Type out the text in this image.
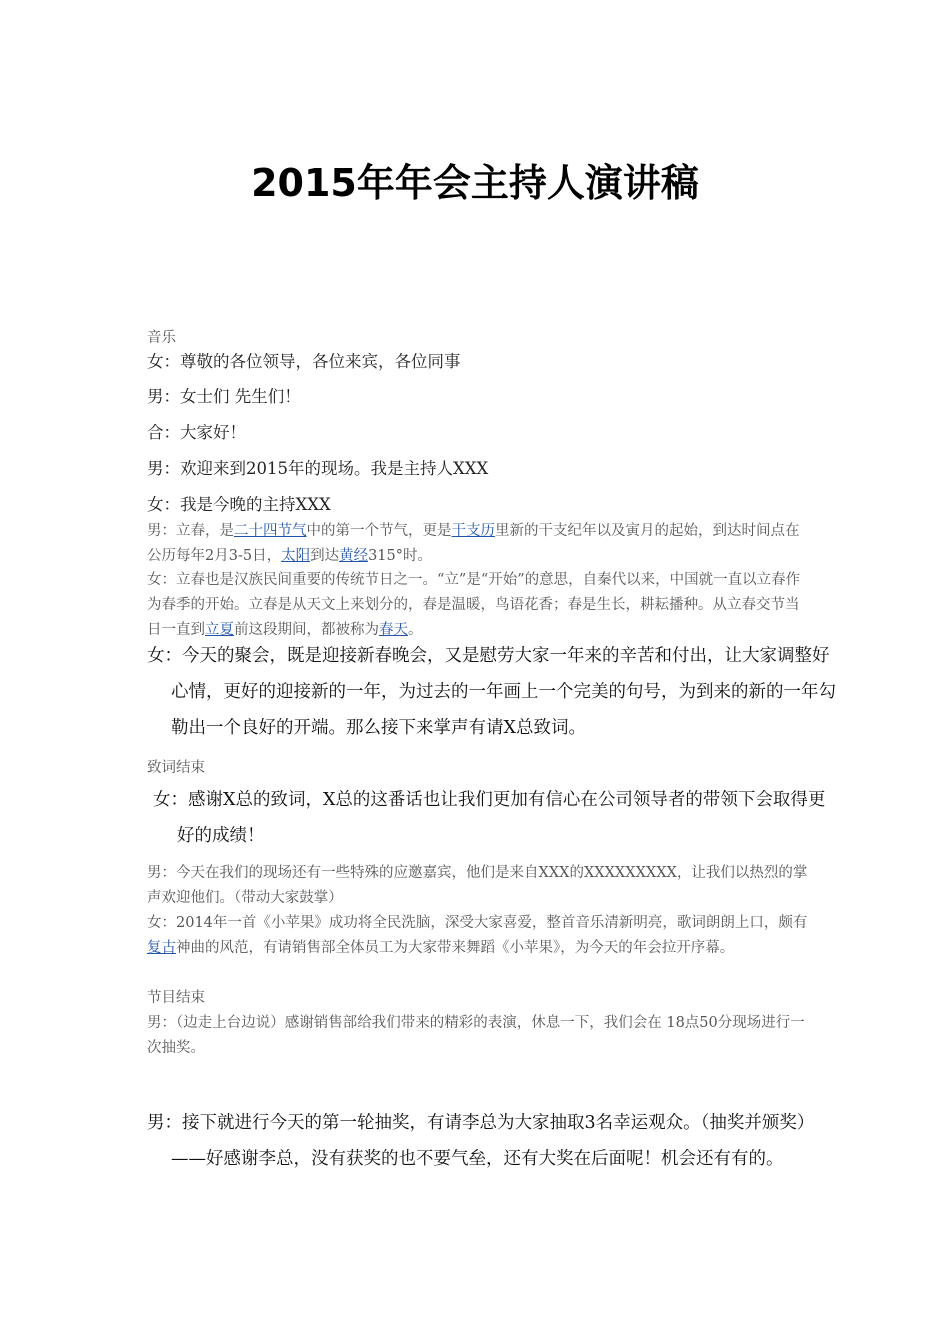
2015年年会主持人演讲稿

音乐

女：尊敬的各位领导，各位来宾，各位同事

男：女士们 先生们！

合：大家好！

男：欢迎来到2015年的现场。我是主持人XXX

女：我是今晚的主持XXX

男：立春，是二十四节气中的第一个节气，更是干支历里新的干支纪年以及寅月的起始，到达时间点在公历每年2月3-5日，太阳到达黄经315°时。

女：立春也是汉族民间重要的传统节日之一。“立”是“开始”的意思，自秦代以来，中国就一直以立春作为春季的开始。立春是从天文上来划分的，春是温暖，鸟语花香；春是生长，耕耘播种。从立春交节当日一直到立夏前这段期间，都被称为春天。

女：今天的聚会，既是迎接新春晚会，又是慰劳大家一年来的辛苦和付出，让大家调整好心情，更好的迎接新的一年，为过去的一年画上一个完美的句号，为到来的新的一年勾勒出一个良好的开端。那么接下来掌声有请X总致词。

致词结束

女：感谢X总的致词，X总的这番话也让我们更加有信心在公司领导者的带领下会取得更好的成绩！

男：今天在我们的现场还有一些特殊的应邀嘉宾，他们是来自XXX的XXXXXXXXX，让我们以热烈的掌声欢迎他们。（带动大家鼓掌）

女：2014年一首《小苹果》成功将全民洗脑，深受大家喜爱，整首音乐清新明亮，歌词朗朗上口，颇有复古神曲的风范，有请销售部全体员工为大家带来舞蹈《小苹果》，为今天的年会拉开序幕。

节目结束

男：（边走上台边说）感谢销售部给我们带来的精彩的表演，休息一下，我们会在 18点50分现场进行一次抽奖。

男：接下就进行今天的第一轮抽奖，有请李总为大家抽取3名幸运观众。（抽奖并颁奖）　　　　——好感谢李总，没有获奖的也不要气垒，还有大奖在后面呢！机会还有有的。
